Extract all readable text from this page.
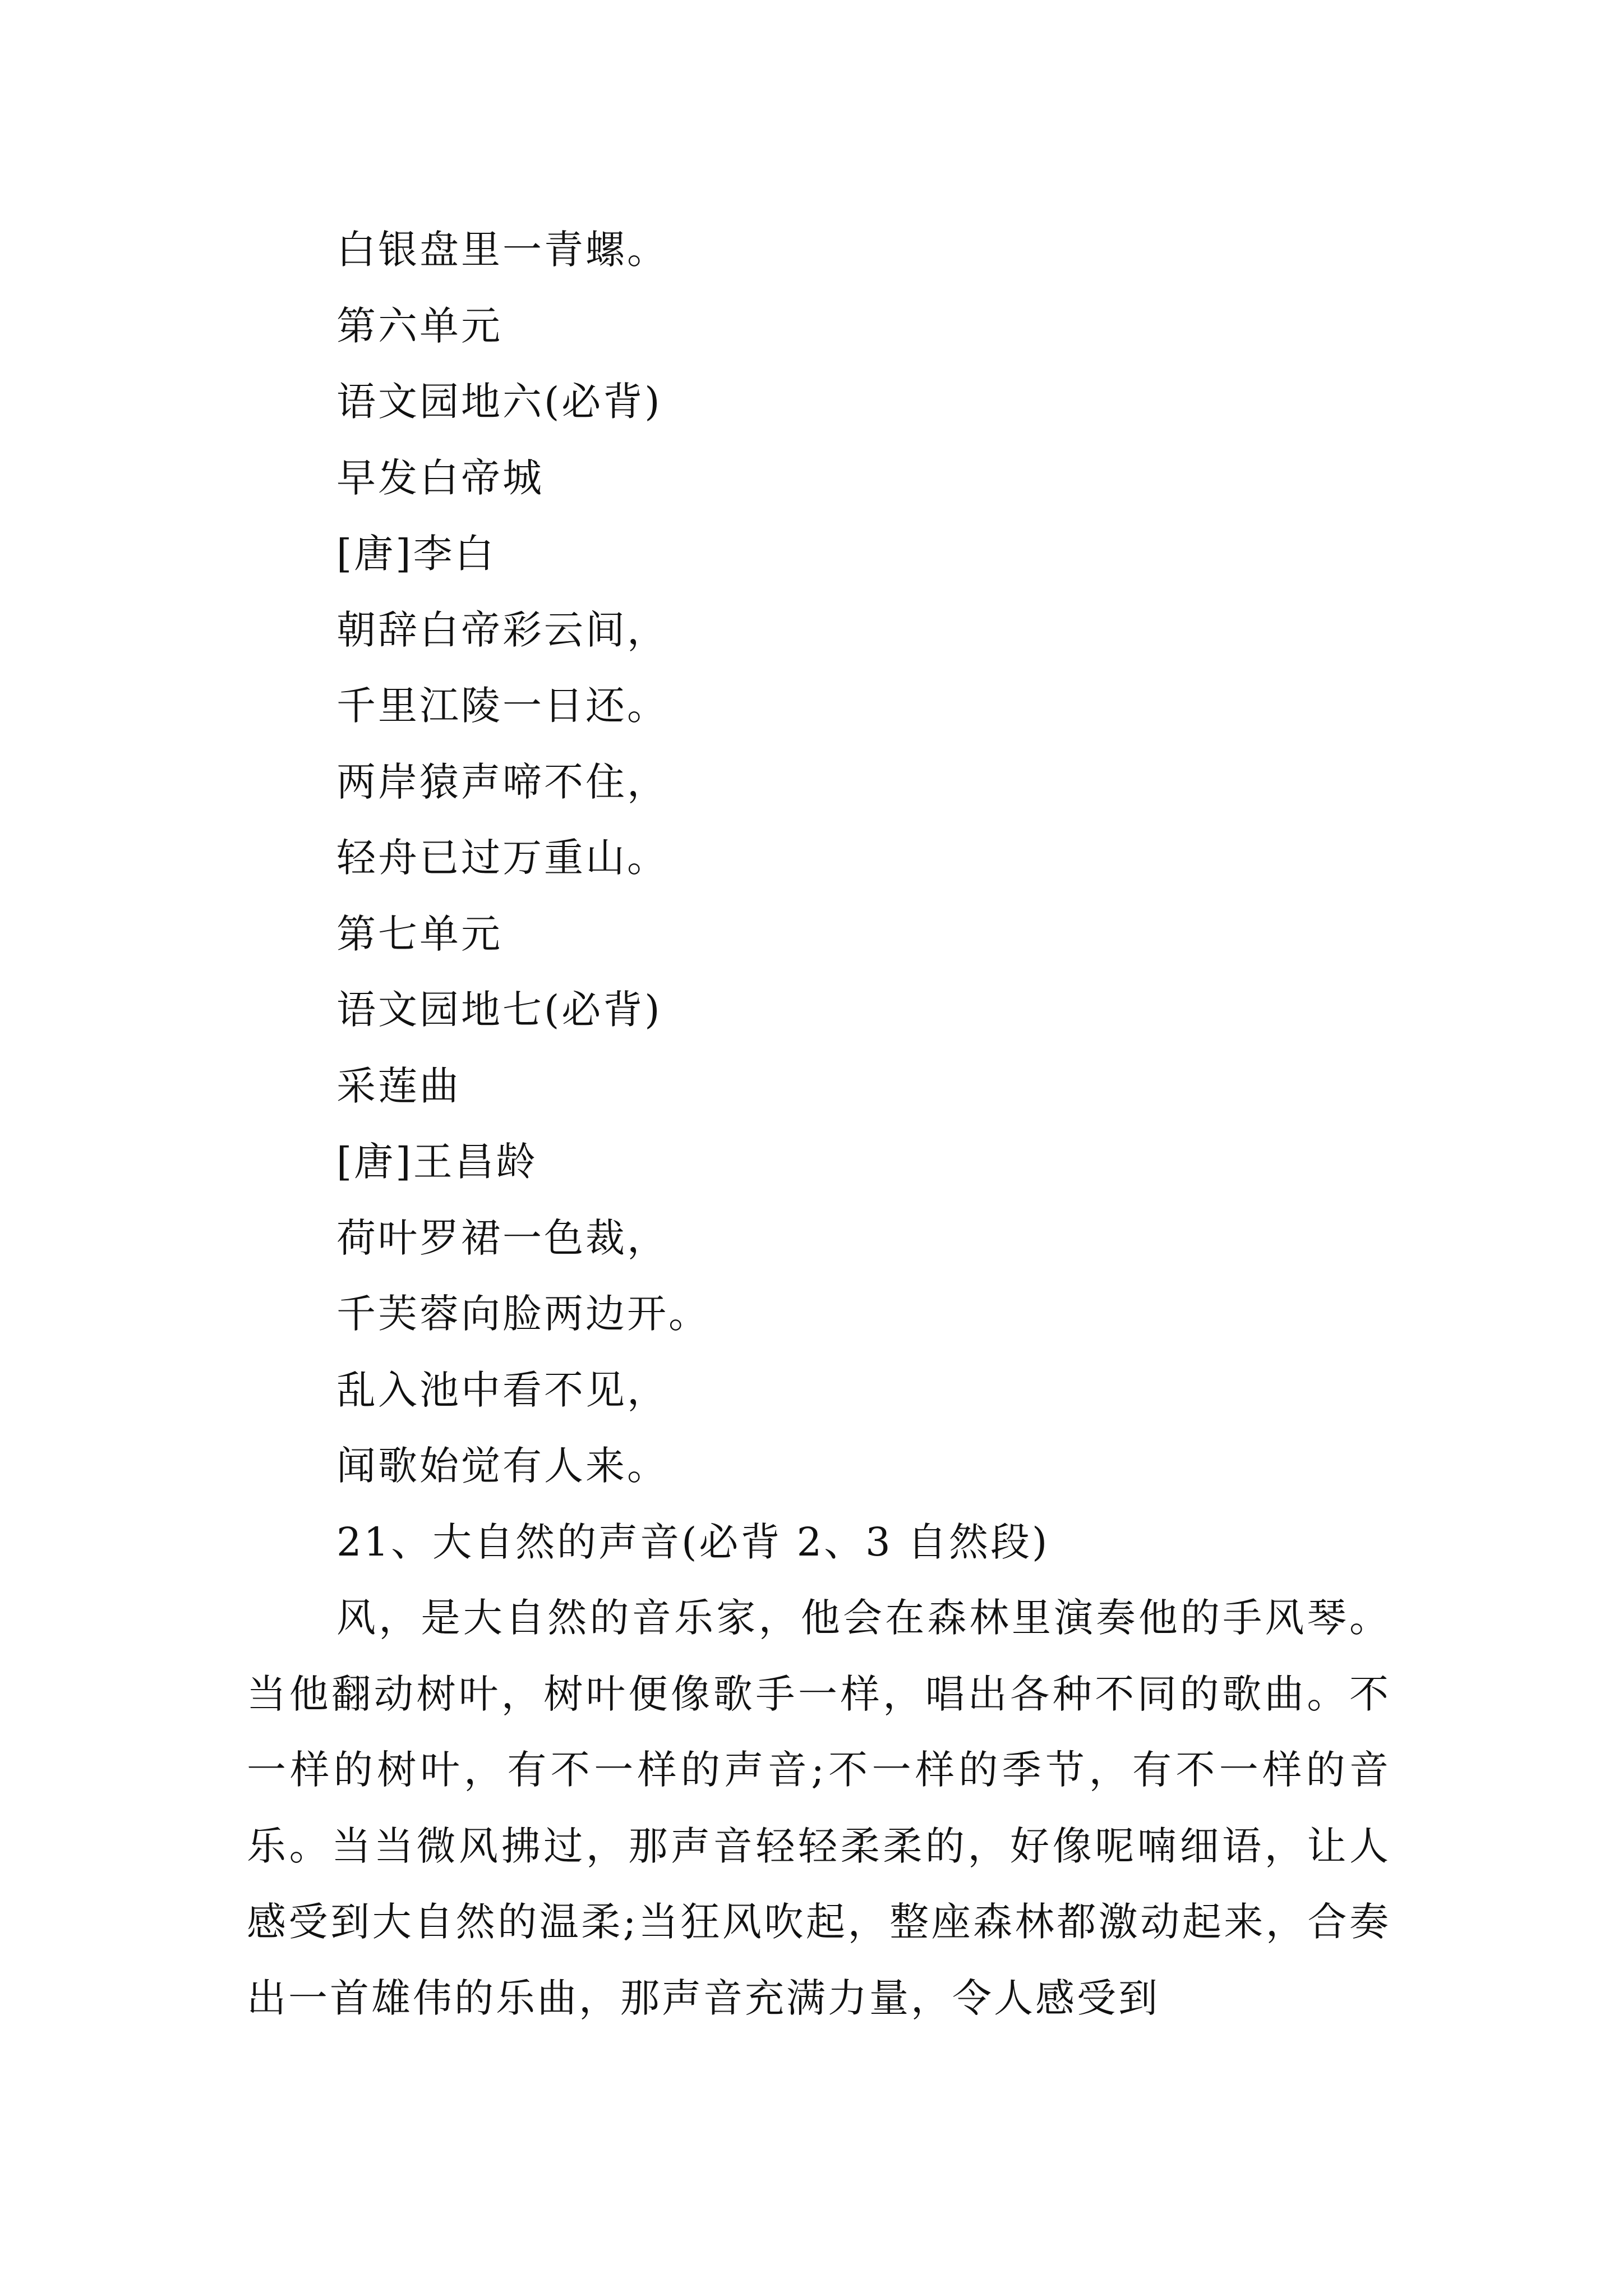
白银盘里一青螺。
第六单元
语文园地六(必背)
早发白帝城
[唐]李白
朝辞白帝彩云间，
千里江陵一日还。
两岸猿声啼不住，
轻舟已过万重山。
第七单元
语文园地七(必背)
采莲曲
[唐]王昌龄
荷叶罗裙一色裁，
千芙蓉向脸两边开。
乱入池中看不见，
闻歌始觉有人来。
21、大自然的声音(必背 2、3 自然段)

风，是大自然的音乐家，他会在森林里演奏他的手风琴。当他翻动树叶，树叶便像歌手一样，唱出各种不同的歌曲。不一样的树叶，有不一样的声音;不一样的季节，有不一样的音乐。当当微风拂过，那声音轻轻柔柔的，好像呢喃细语，让人感受到大自然的温柔;当狂风吹起，整座森林都激动起来，合奏出一首雄伟的乐曲，那声音充满力量，令人感受到
